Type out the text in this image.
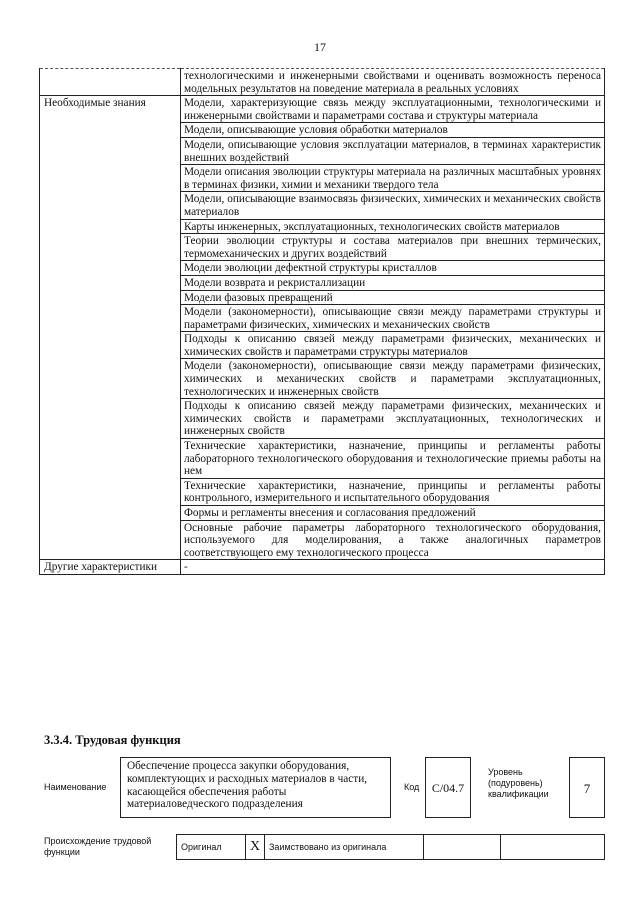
17
	технологическими и инженерными свойствами и оценивать возможность переноса модельных результатов на поведение материала в реальных условиях
Необходимые знания	Модели, характеризующие связь между эксплуатационными, технологическими и инженерными свойствами и параметрами состава и структуры материала
	Модели, описывающие условия обработки материалов
	Модели, описывающие условия эксплуатации материалов, в терминах характеристик внешних воздействий
	Модели описания эволюции структуры материала на различных масштабных уровнях в терминах физики, химии и механики твердого тела
	Модели, описывающие взаимосвязь физических, химических и механических свойств материалов
	Карты инженерных, эксплуатационных, технологических свойств материалов
	Теории эволюции структуры и состава материалов при внешних термических, термомеханических и других воздействий
	Модели эволюции дефектной структуры кристаллов
	Модели возврата и рекристаллизации
	Модели фазовых превращений
	Модели (закономерности), описывающие связи между параметрами структуры и параметрами физических, химических и механических свойств
	Подходы к описанию связей между параметрами физических, механических и химических свойств и параметрами структуры материалов
	Модели (закономерности), описывающие связи между параметрами физических, химических и механических свойств и параметрами эксплуатационных, технологических и инженерных свойств
	Подходы к описанию связей между параметрами физических, механических и химических свойств и параметрами эксплуатационных, технологических и инженерных свойств
	Технические характеристики, назначение, принципы и регламенты работы лабораторного технологического оборудования и технологические приемы работы на нем
	Технические характеристики, назначение, принципы и регламенты работы контрольного, измерительного и испытательного оборудования
	Формы и регламенты внесения и согласования предложений
	Основные рабочие параметры лабораторного технологического оборудования, используемого для моделирования, а также аналогичных параметров соответствующего ему технологического процесса
Другие характеристики	-
3.3.4. Трудовая функция
Наименование
Обеспечение процесса закупки оборудования, комплектующих и расходных материалов в части, касающейся обеспечения работы материаловедческого подразделения
Код	C/04.7
Уровень (подуровень) квалификации	7
Происхождение трудовой функции	Оригинал	X	Заимствовано из оригинала		
